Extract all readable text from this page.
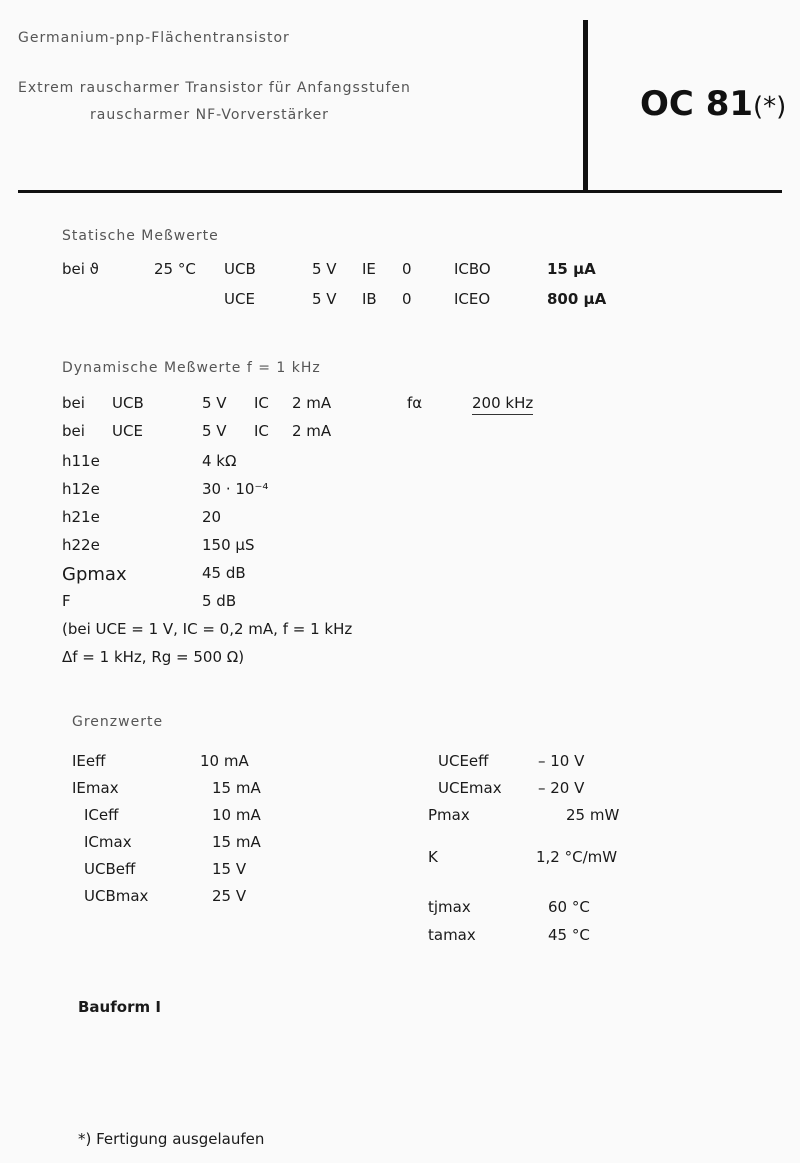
Germanium-pnp-Flächentransistor
Extrem rauscharmer Transistor für Anfangsstufen
rauscharmer NF-Vorverstärker	OC 81(*)
Statische Meßwerte
bei ϑ	25 °C UCB	5 V IE 0	ICBO	15 μA
UCE	5 V IB 0	ICEO	800 μA
Dynamische Meßwerte f = 1 kHz
bei UCB	5 V IC 2 mA	fα	200 kHz
bei UCE	5 V IC 2 mA
h11e	4 kΩ
h12e	30 · 10⁻⁴
h21e	20
h22e	150 μS
Gpmax	45 dB
F	5 dB
(bei UCE = 1 V, IC = 0,2 mA, f = 1 kHz
Δf = 1 kHz, Rg = 500 Ω)
Grenzwerte
IEeff	10 mA
IEmax	15 mA
ICeff	10 mA
ICmax	15 mA
UCBeff	15 V
UCBmax	25 V
UCEeff	– 10 V
UCEmax – 20 V
Pmax	25 mW
K	1,2 °C/mW
tjmax	60 °C
tamax	45 °C
Bauform I
*) Fertigung ausgelaufen
